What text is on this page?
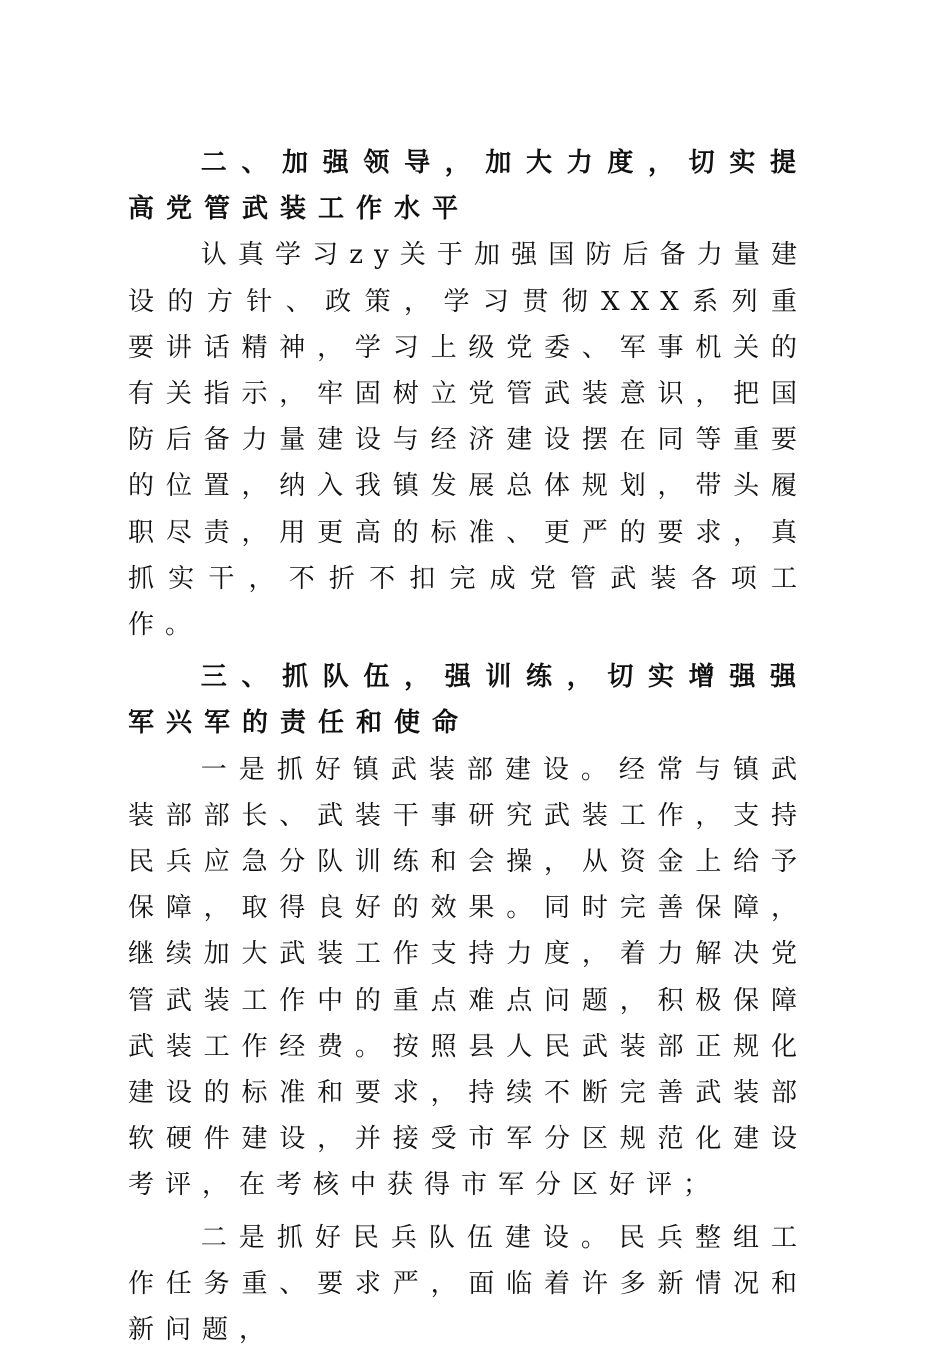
二、加强领导，加大力度，切实提高党管武装工作水平

认真学习zy关于加强国防后备力量建设的方针、政策，学习贯彻XXX系列重要讲话精神，学习上级党委、军事机关的有关指示，牢固树立党管武装意识，把国防后备力量建设与经济建设摆在同等重要的位置，纳入我镇发展总体规划，带头履职尽责，用更高的标准、更严的要求，真抓实干，不折不扣完成党管武装各项工作。

三、抓队伍，强训练，切实增强强军兴军的责任和使命

一是抓好镇武装部建设。经常与镇武装部部长、武装干事研究武装工作，支持民兵应急分队训练和会操，从资金上给予保障，取得良好的效果。同时完善保障，继续加大武装工作支持力度，着力解决党管武装工作中的重点难点问题，积极保障武装工作经费。按照县人民武装部正规化建设的标准和要求，持续不断完善武装部软硬件建设，并接受市军分区规范化建设考评，在考核中获得市军分区好评；

二是抓好民兵队伍建设。民兵整组工作任务重、要求严，面临着许多新情况和新问题，
